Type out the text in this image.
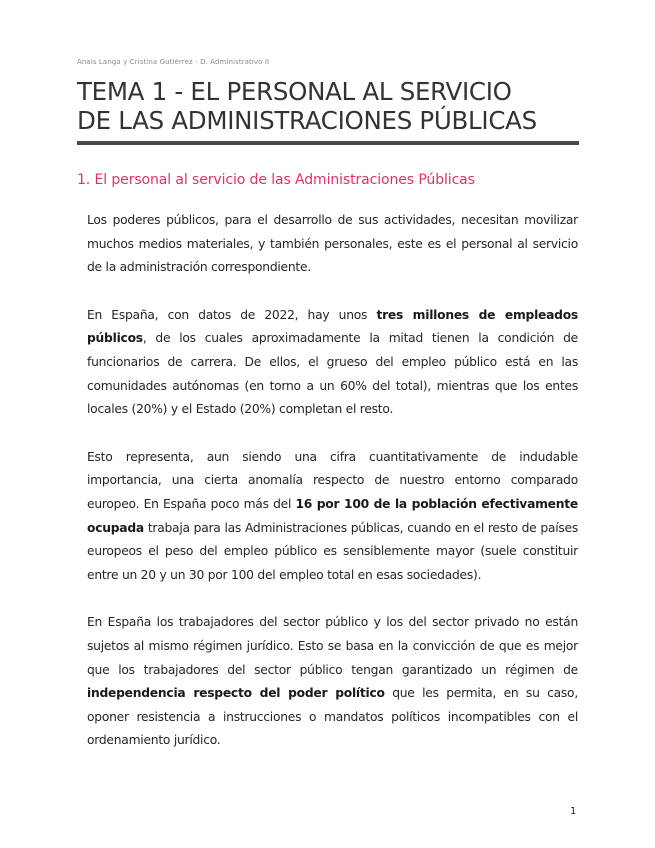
Anais Langa y Cristina Gutiérrez - D. Administrativo II
TEMA 1 - EL PERSONAL AL SERVICIO
DE LAS ADMINISTRACIONES PÚBLICAS
1. El personal al servicio de las Administraciones Públicas

Los poderes públicos, para el desarrollo de sus actividades, necesitan movilizar muchos medios materiales, y también personales, este es el personal al servicio de la administración correspondiente.

En España, con datos de 2022, hay unos tres millones de empleados públicos, de los cuales aproximadamente la mitad tienen la condición de funcionarios de carrera. De ellos, el grueso del empleo público está en las comunidades autónomas (en torno a un 60% del total), mientras que los entes locales (20%) y el Estado (20%) completan el resto.

Esto representa, aun siendo una cifra cuantitativamente de indudable importancia, una cierta anomalía respecto de nuestro entorno comparado europeo. En España poco más del 16 por 100 de la población efectivamente ocupada trabaja para las Administraciones públicas, cuando en el resto de países europeos el peso del empleo público es sensiblemente mayor (suele constituir entre un 20 y un 30 por 100 del empleo total en esas sociedades).

En España los trabajadores del sector público y los del sector privado no están sujetos al mismo régimen jurídico. Esto se basa en la convicción de que es mejor que los trabajadores del sector público tengan garantizado un régimen de independencia respecto del poder político que les permita, en su caso, oponer resistencia a instrucciones o mandatos políticos incompatibles con el ordenamiento jurídico.

1
